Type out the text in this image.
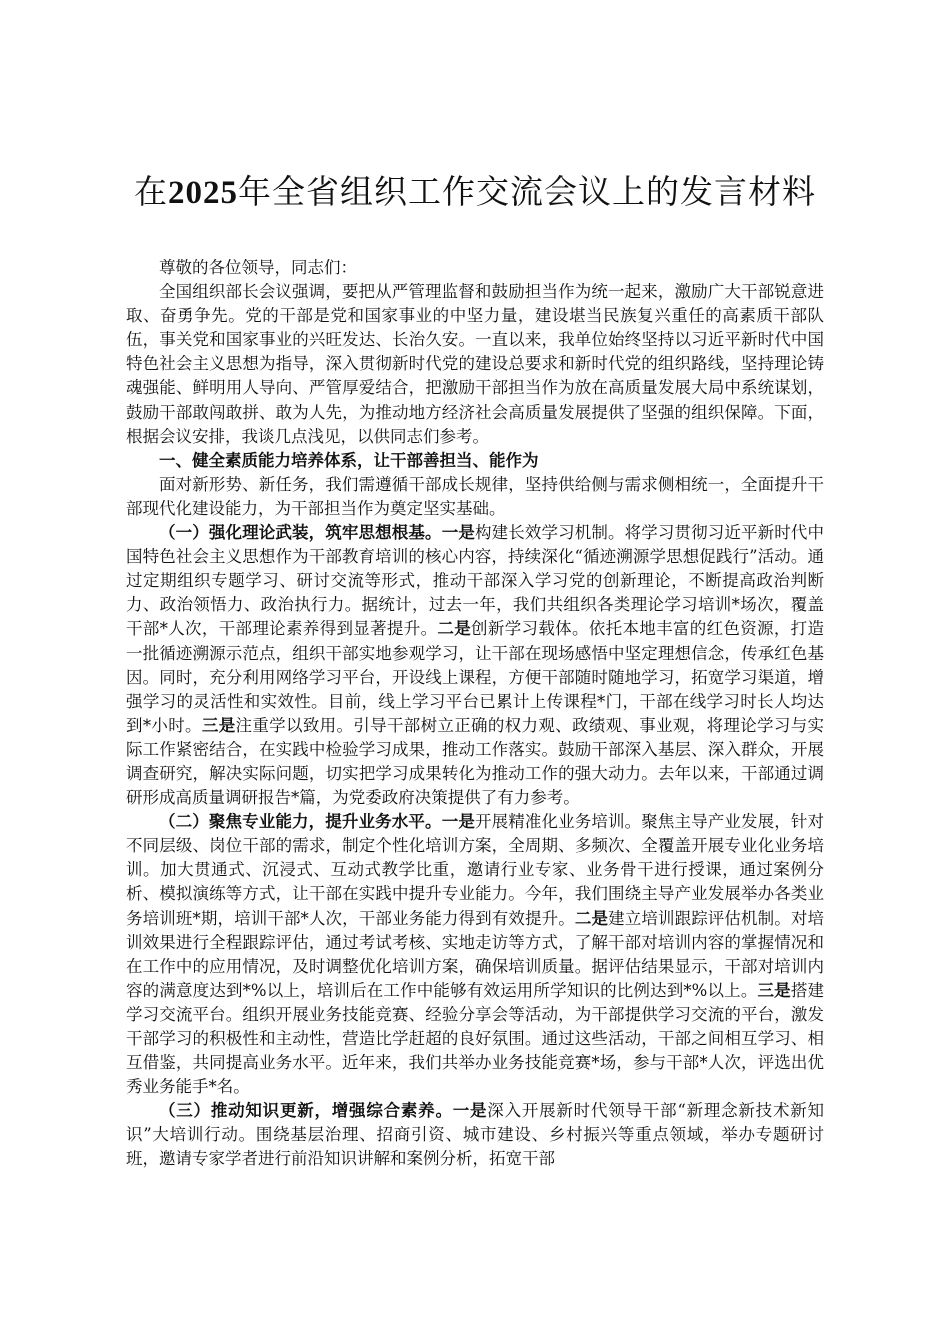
在2025年全省组织工作交流会议上的发言材料

尊敬的各位领导，同志们：

全国组织部长会议强调，要把从严管理监督和鼓励担当作为统一起来，激励广大干部锐意进取、奋勇争先。党的干部是党和国家事业的中坚力量，建设堪当民族复兴重任的高素质干部队伍，事关党和国家事业的兴旺发达、长治久安。一直以来，我单位始终坚持以习近平新时代中国特色社会主义思想为指导，深入贯彻新时代党的建设总要求和新时代党的组织路线，坚持理论铸魂强能、鲜明用人导向、严管厚爱结合，把激励干部担当作为放在高质量发展大局中系统谋划，鼓励干部敢闯敢拼、敢为人先，为推动地方经济社会高质量发展提供了坚强的组织保障。下面，根据会议安排，我谈几点浅见，以供同志们参考。

一、健全素质能力培养体系，让干部善担当、能作为

面对新形势、新任务，我们需遵循干部成长规律，坚持供给侧与需求侧相统一，全面提升干部现代化建设能力，为干部担当作为奠定坚实基础。

（一）强化理论武装，筑牢思想根基。一是构建长效学习机制。将学习贯彻习近平新时代中国特色社会主义思想作为干部教育培训的核心内容，持续深化“循迹溯源学思想促践行”活动。通过定期组织专题学习、研讨交流等形式，推动干部深入学习党的创新理论，不断提高政治判断力、政治领悟力、政治执行力。据统计，过去一年，我们共组织各类理论学习培训*场次，覆盖干部*人次，干部理论素养得到显著提升。二是创新学习载体。依托本地丰富的红色资源，打造一批循迹溯源示范点，组织干部实地参观学习，让干部在现场感悟中坚定理想信念，传承红色基因。同时，充分利用网络学习平台，开设线上课程，方便干部随时随地学习，拓宽学习渠道，增强学习的灵活性和实效性。目前，线上学习平台已累计上传课程*门，干部在线学习时长人均达到*小时。三是注重学以致用。引导干部树立正确的权力观、政绩观、事业观，将理论学习与实际工作紧密结合，在实践中检验学习成果，推动工作落实。鼓励干部深入基层、深入群众，开展调查研究，解决实际问题，切实把学习成果转化为推动工作的强大动力。去年以来，干部通过调研形成高质量调研报告*篇，为党委政府决策提供了有力参考。

（二）聚焦专业能力，提升业务水平。一是开展精准化业务培训。聚焦主导产业发展，针对不同层级、岗位干部的需求，制定个性化培训方案，全周期、多频次、全覆盖开展专业化业务培训。加大贯通式、沉浸式、互动式教学比重，邀请行业专家、业务骨干进行授课，通过案例分析、模拟演练等方式，让干部在实践中提升专业能力。今年，我们围绕主导产业发展举办各类业务培训班*期，培训干部*人次，干部业务能力得到有效提升。二是建立培训跟踪评估机制。对培训效果进行全程跟踪评估，通过考试考核、实地走访等方式，了解干部对培训内容的掌握情况和在工作中的应用情况，及时调整优化培训方案，确保培训质量。据评估结果显示，干部对培训内容的满意度达到*%以上，培训后在工作中能够有效运用所学知识的比例达到*%以上。三是搭建学习交流平台。组织开展业务技能竞赛、经验分享会等活动，为干部提供学习交流的平台，激发干部学习的积极性和主动性，营造比学赶超的良好氛围。通过这些活动，干部之间相互学习、相互借鉴，共同提高业务水平。近年来，我们共举办业务技能竞赛*场，参与干部*人次，评选出优秀业务能手*名。

（三）推动知识更新，增强综合素养。一是深入开展新时代领导干部“新理念新技术新知识”大培训行动。围绕基层治理、招商引资、城市建设、乡村振兴等重点领域，举办专题研讨班，邀请专家学者进行前沿知识讲解和案例分析，拓宽干部
